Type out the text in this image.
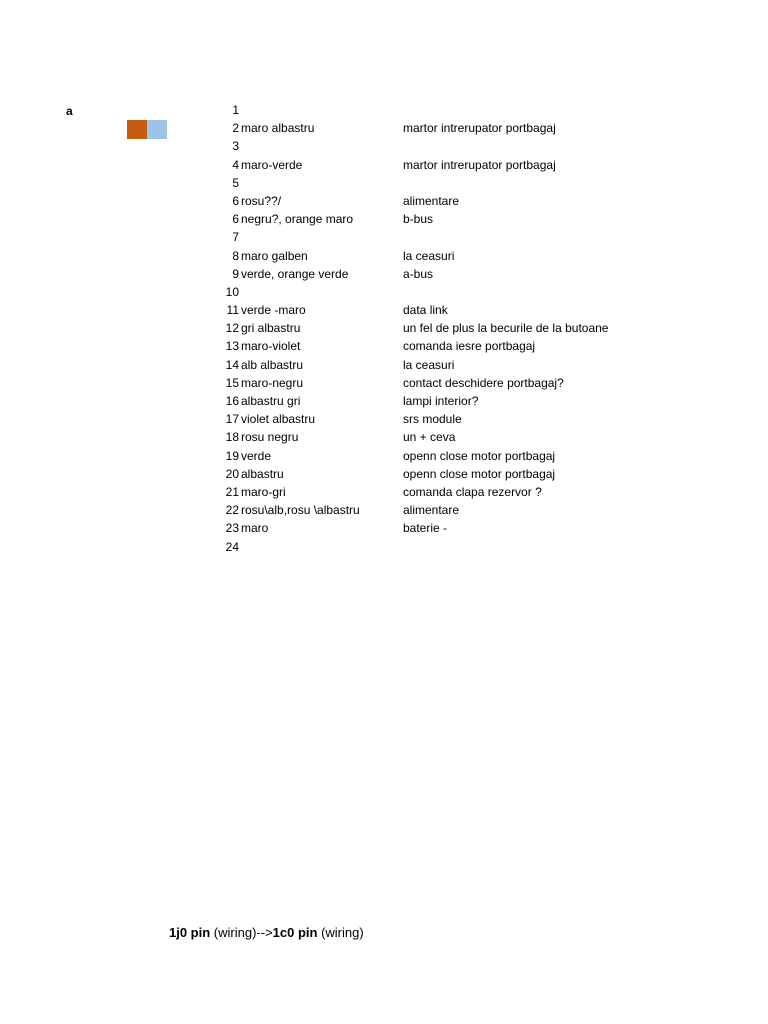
a	1
2 maro albastru	martor intrerupator portbagaj
3
4 maro-verde	martor intrerupator portbagaj
5
6 rosu??/	alimentare
6 negru?, orange maro	b-bus
7
8 maro galben	la ceasuri
9 verde, orange verde	a-bus
10
11 verde -maro	data link
12 gri albastru	un fel de plus la becurile de la butoane
13 maro-violet	comanda iesre portbagaj
14 alb albastru	la ceasuri
15 maro-negru	contact deschidere portbagaj?
16 albastru gri	lampi interior?
17 violet albastru	srs module
18 rosu negru	un + ceva
19 verde	openn close motor portbagaj
20 albastru	openn close motor portbagaj
21 maro-gri	comanda clapa rezervor ?
22 rosu\alb,rosu \albastru	alimentare
23 maro	baterie -
24
1j0 pin (wiring)-->1c0 pin (wiring)
